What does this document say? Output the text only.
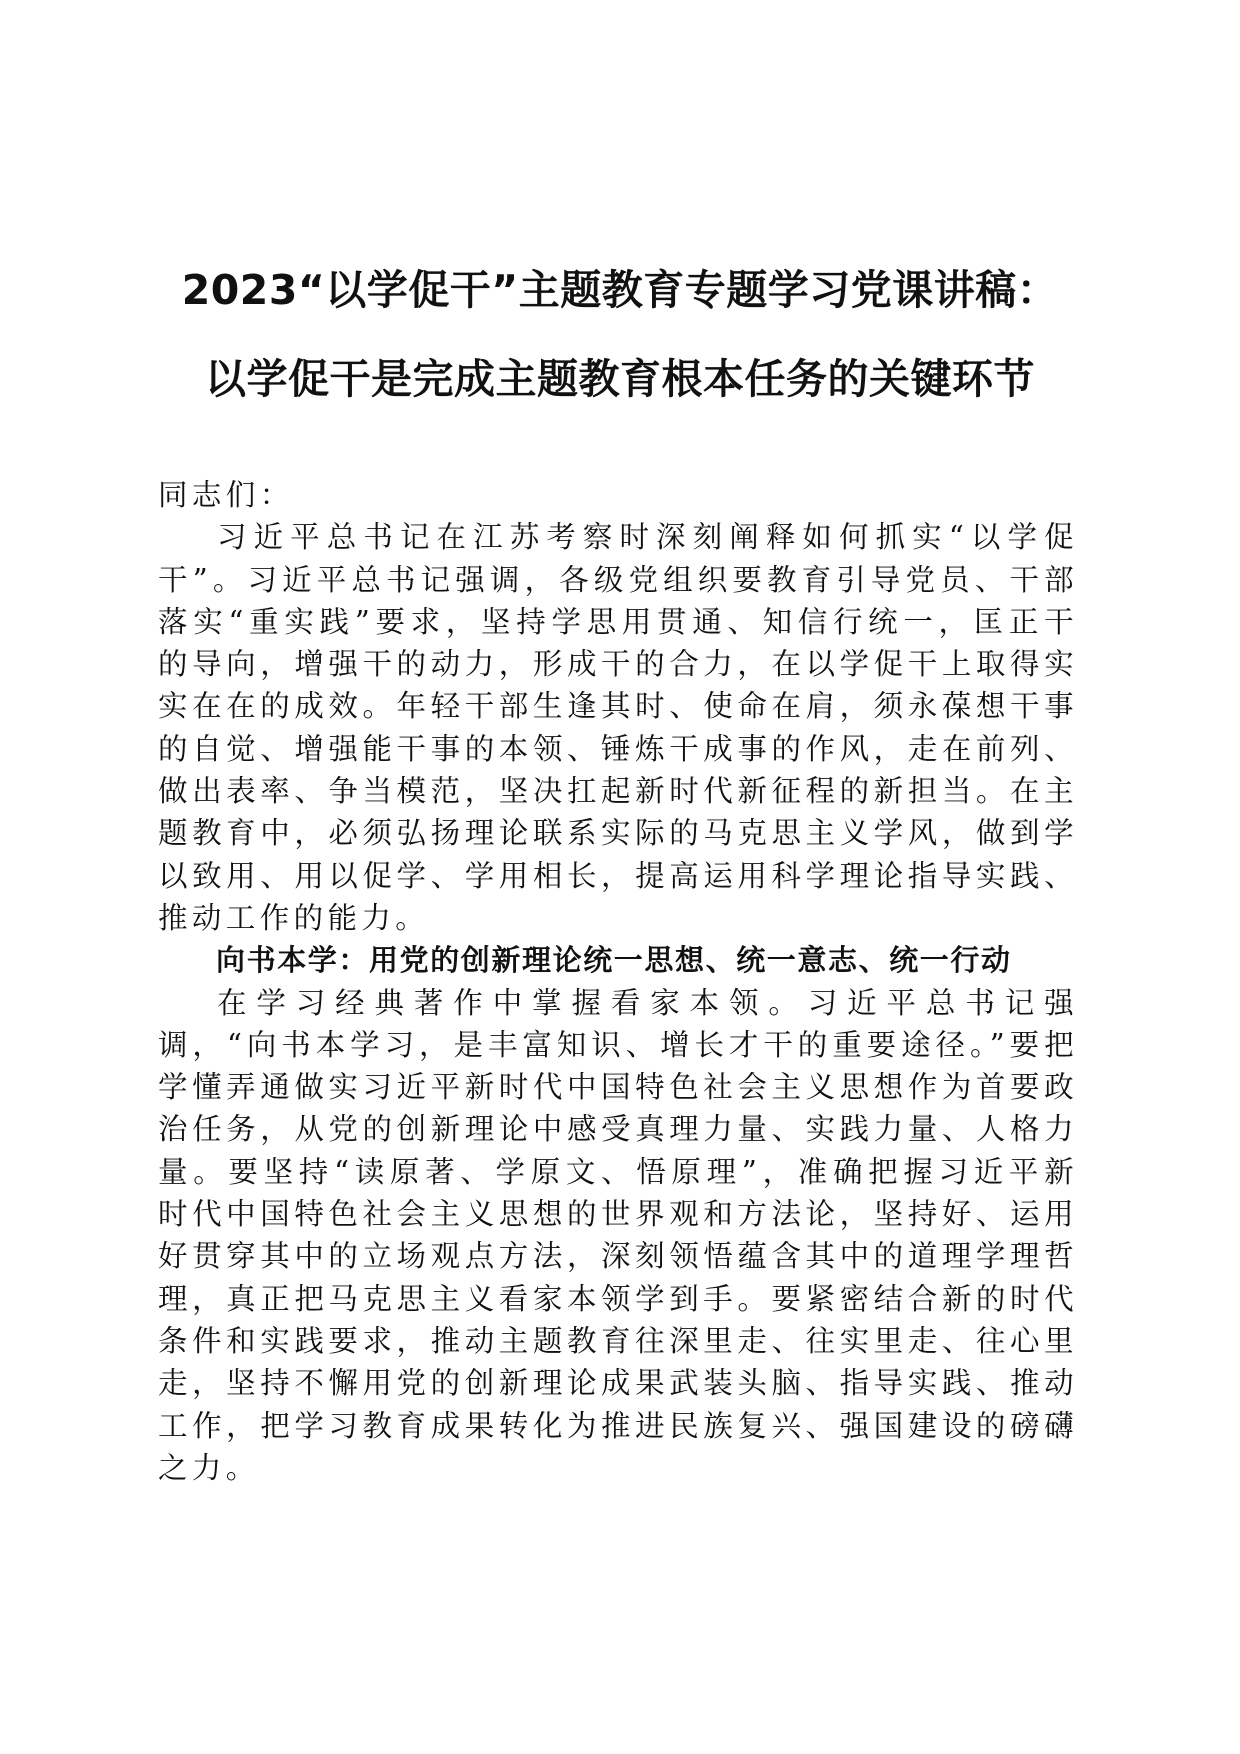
2023“以学促干”主题教育专题学习党课讲稿：
以学促干是完成主题教育根本任务的关键环节

同志们：

习近平总书记在江苏考察时深刻阐释如何抓实“以学促干”。习近平总书记强调，各级党组织要教育引导党员、干部落实“重实践”要求，坚持学思用贯通、知信行统一，匡正干的导向，增强干的动力，形成干的合力，在以学促干上取得实实在在的成效。年轻干部生逢其时、使命在肩，须永葆想干事的自觉、增强能干事的本领、锤炼干成事的作风，走在前列、做出表率、争当模范，坚决扛起新时代新征程的新担当。在主题教育中，必须弘扬理论联系实际的马克思主义学风，做到学以致用、用以促学、学用相长，提高运用科学理论指导实践、推动工作的能力。

向书本学：用党的创新理论统一思想、统一意志、统一行动

在学习经典著作中掌握看家本领。习近平总书记强调，“向书本学习，是丰富知识、增长才干的重要途径。”要把学懂弄通做实习近平新时代中国特色社会主义思想作为首要政治任务，从党的创新理论中感受真理力量、实践力量、人格力量。要坚持“读原著、学原文、悟原理”，准确把握习近平新时代中国特色社会主义思想的世界观和方法论，坚持好、运用好贯穿其中的立场观点方法，深刻领悟蕴含其中的道理学理哲理，真正把马克思主义看家本领学到手。要紧密结合新的时代条件和实践要求，推动主题教育往深里走、往实里走、往心里走，坚持不懈用党的创新理论成果武装头脑、指导实践、推动工作，把学习教育成果转化为推进民族复兴、强国建设的磅礴之力。
